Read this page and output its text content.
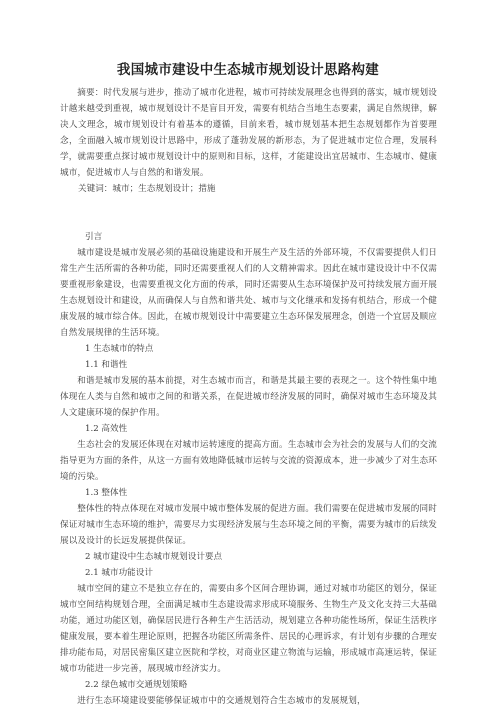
我国城市建设中生态城市规划设计思路构建

摘要：时代发展与进步，推动了城市化进程，城市可持续发展理念也得到的落实，城市规划设计越来越受到重视，城市规划设计不是盲目开发，需要有机结合当地生态要素，满足自然规律，解决人文理念，城市规划设计有着基本的遵循，目前来看，城市规划基本把生态规划都作为首要理念，全面融入城市规划设计思路中，形成了蓬勃发展的新形态，为了促进城市定位合理，发展科学，就需要重点探讨城市规划设计中的原则和目标，这样，才能建设出宜居城市、生态城市、健康城市，促进城市人与自然的和谐发展。

关键词：城市；生态规划设计；措施

引言

城市建设是城市发展必须的基础设施建设和开展生产及生活的外部环境，不仅需要提供人们日常生产生活所需的各种功能，同时还需要重视人们的人文精神需求。因此在城市建设设计中不仅需要重视形象建设，也需要重视文化方面的传承，同时还需要从生态环境保护及可持续发展方面开展生态规划设计和建设，从而确保人与自然和谐共处、城市与文化继承和发扬有机结合，形成一个健康发展的城市综合体。因此，在城市规划设计中需要建立生态环保发展理念，创造一个宜居及顺应自然发展规律的生活环境。

1 生态城市的特点

1.1 和谐性

和谐是城市发展的基本前提，对生态城市而言，和谐是其最主要的表现之一。这个特性集中地体现在人类与自然和城市之间的和谐关系，在促进城市经济发展的同时，确保对城市生态环境及其人文建康环境的保护作用。

1.2 高效性

生态社会的发展还体现在对城市运转速度的提高方面。生态城市会为社会的发展与人们的交流指导更为方面的条件，从这一方面有效地降低城市运转与交流的资源成本，进一步减少了对生态环境的污染。

1.3 整体性

整体性的特点体现在对城市发展中城市整体发展的促进方面。我们需要在促进城市发展的同时保证对城市生态环境的维护，需要尽力实现经济发展与生态环境之间的平衡，需要为城市的后续发展以及设计的长远发展提供保证。

2 城市建设中生态城市规划设计要点

2.1 城市功能设计

城市空间的建立不是独立存在的，需要由多个区间合理协调，通过对城市功能区的划分，保证城市空间结构规划合理，全面满足城市生态建设需求形成环境服务、生物生产及文化支持三大基础功能，通过功能区划，确保居民进行各种生产生活活动，规划建立各种功能性场所，保证生活秩序健康发展，要本着生理论原则，把握各功能区所需条件、居民的心理诉求，有计划有步骤的合理安排功能布局，对居民密集区建立医院和学校，对商业区建立物流与运输，形成城市高速运转，保证城市功能进一步完善，展现城市经济实力。

2.2 绿色城市交通规划策略

进行生态环境建设要能够保证城市中的交通规划符合生态城市的发展规划，
